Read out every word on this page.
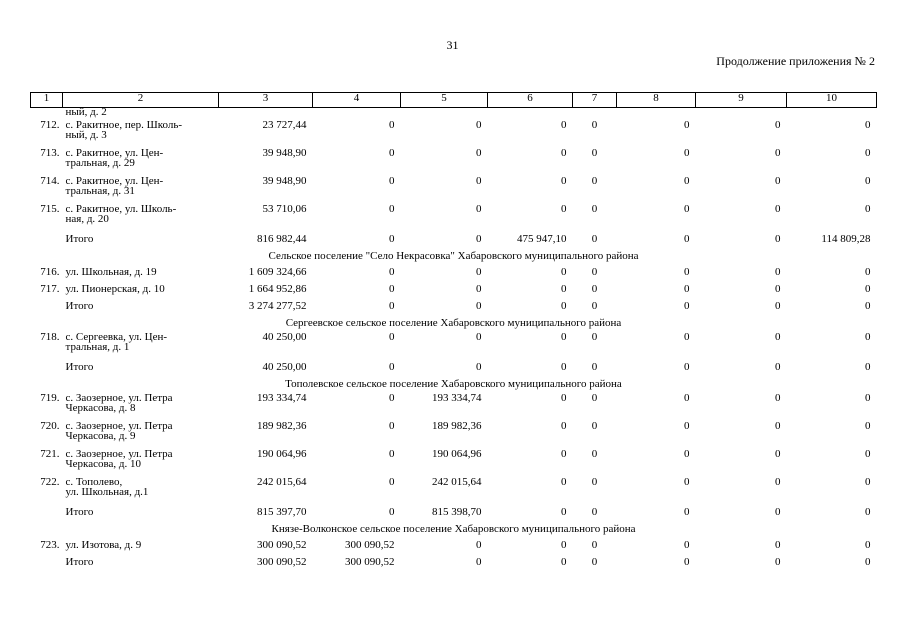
31
Продолжение приложения № 2
1	2	3	4	5	6	7	8	9	10
	ный, д. 2								
712.	с. Ракитное, пер. Школь-
ный, д. 3	23 727,44	0	0	0	0	0	0	0
713.	с. Ракитное, ул. Цен-
тральная, д. 29	39 948,90	0	0	0	0	0	0	0
714.	с. Ракитное, ул. Цен-
тральная, д. 31	39 948,90	0	0	0	0	0	0	0
715.	с. Ракитное, ул. Школь-
ная, д. 20	53 710,06	0	0	0	0	0	0	0
	Итого	816 982,44	0	0	475 947,10	0	0	0	114 809,28
Сельское поселение "Село Некрасовка" Хабаровского муниципального района									
716.	ул. Школьная, д. 19	1 609 324,66	0	0	0	0	0	0	0
717.	ул. Пионерская, д. 10	1 664 952,86	0	0	0	0	0	0	0
	Итого	3 274 277,52	0	0	0	0	0	0	0
Сергеевское сельское поселение Хабаровского муниципального района									
718.	с. Сергеевка, ул. Цен-
тральная, д. 1	40 250,00	0	0	0	0	0	0	0
	Итого	40 250,00	0	0	0	0	0	0	0
Тополевское сельское поселение Хабаровского муниципального района									
719.	с. Заозерное, ул. Петра
Черкасова, д. 8	193 334,74	0	193 334,74	0	0	0	0	0
720.	с. Заозерное, ул. Петра
Черкасова, д. 9	189 982,36	0	189 982,36	0	0	0	0	0
721.	с. Заозерное, ул. Петра
Черкасова, д. 10	190 064,96	0	190 064,96	0	0	0	0	0
722.	с. Тополево,
ул. Школьная, д.1	242 015,64	0	242 015,64	0	0	0	0	0
	Итого	815 397,70	0	815 398,70	0	0	0	0	0
Князе-Волконское сельское поселение Хабаровского муниципального района									
723.	ул. Изотова, д. 9	300 090,52	300 090,52	0	0	0	0	0	0
	Итого	300 090,52	300 090,52	0	0	0	0	0	0
